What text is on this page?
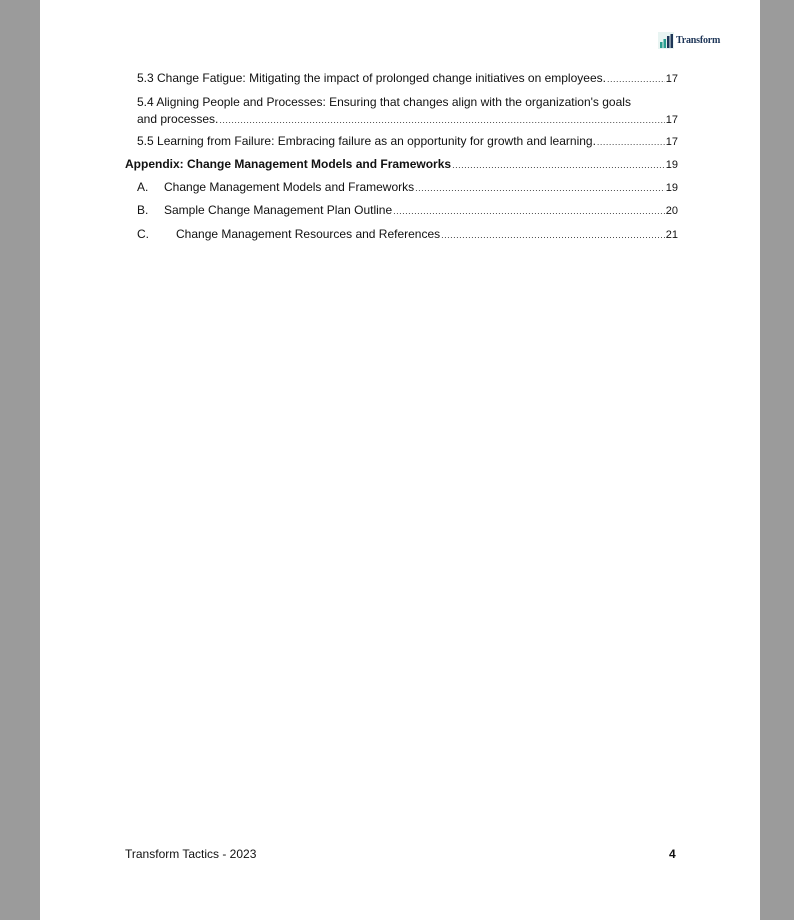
Transform
5.3 Change Fatigue: Mitigating the impact of prolonged change initiatives on employees. .....	17
5.4 Aligning People and Processes: Ensuring that changes align with the organization's goals
and processes. .....	17
5.5 Learning from Failure: Embracing failure as an opportunity for growth and learning. .....	17
Appendix: Change Management Models and Frameworks .....	19
A.	Change Management Models and Frameworks .....	19
B.	Sample Change Management Plan Outline .....	20
C.	Change Management Resources and References .....	21
Transform Tactics - 2023	4
